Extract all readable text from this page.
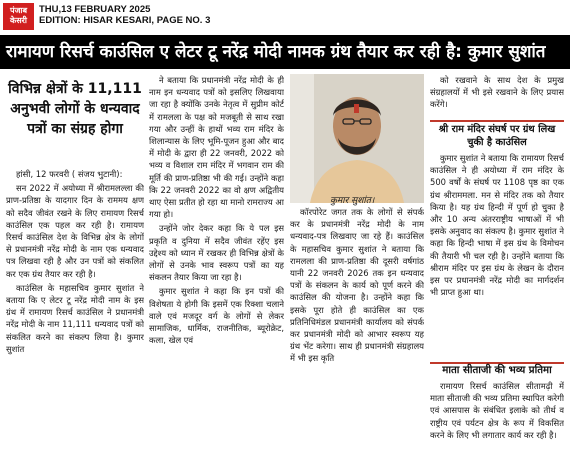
पंजाब
केसरी
THU,13 FEBRUARY 2025
EDITION: HISAR KESARI, PAGE NO. 3
रामायण रिसर्च काउंसिल ए लेटर टू नरेंद्र मोदी नामक ग्रंथ तैयार कर रही है: कुमार सुशांत
विभिन्न क्षेत्रों के 11,111 अनुभवी लोगों के धन्यवाद पत्रों का संग्रह होगा

हांसी, 12 फरवरी ( संजय भुटानी):

सन 2022 में अयोध्या में श्रीरामलल्ला की प्राण-प्रतिष्ठा के यादगार दिन के राममय क्षण को सदैव जीवंत रखने के लिए रामायण रिसर्च काउंसिल एक पहल कर रही है। रामायण रिसर्च काउंसिल देश के विभिन्न क्षेत्र के लोगों से प्रधानमंत्री नरेंद्र मोदी के नाम एक धन्यवाद पत्र लिखवा रही है और उन पत्रों को संकलित कर एक ग्रंथ तैयार कर रही है।

काउंसिल के महासचिव कुमार सुशांत ने बताया कि ए लेटर टू नरेंद्र मोदी नाम के इस ग्रंथ में रामायण रिसर्च काउंसिल ने प्रधानमंत्री नरेंद्र मोदी के नाम 11,111 धन्यवाद पत्रों को संकलित करने का संकल्प लिया है। कुमार सुशांत

ने बताया कि प्रधानमंत्री नरेंद्र मोदी के ही नाम इन धन्यवाद पत्रों को इसलिए लिखवाया जा रहा है क्योंकि उनके नेतृत्व में सुप्रीम कोर्ट में रामलला के पक्ष को मजबूती से साथ रखा गया और उन्हीं के हाथों भव्य राम मंदिर के शिलान्यास के लिए भूमि-पूजन हुआ और बाद में मोदी के द्वारा ही 22 जनवरी, 2022 को भव्य व विशाल राम मंदिर में भगवान राम की मूर्ति की प्राण-प्रतिष्ठा भी की गई। उन्होंने कहा कि 22 जनवरी 2022 का वो क्षण अद्वितीय थाए ऐसा प्रतीत हो रहा था मानो रामराज्य आ गया हो।

उन्होंने जोर देकर कहा कि ये पल इस प्रकृति व दुनिया में सदैव जीवंत रहेंए इस उद्देश्य को ध्यान में रखकर ही विभिन्न क्षेत्रों के लोगों से उनके भाव स्वरूप पत्रों का यह संकलन तैयार किया जा रहा है।

कुमार सुशांत ने कहा कि इन पत्रों की विशेषता ये होगी कि इसमें एक रिक्शा चलाने वाले एवं मजदूर वर्ग के लोगों से लेकर सामाजिक, धार्मिक, राजनीतिक, ब्यूरोक्रेट, कला, खेल एवं

कुमार सुशांत।

कॉरपोरेट जगत तक के लोगों से संपर्क कर के प्रधानमंत्री नरेंद्र मोदी के नाम धन्यवाद-पत्र लिखवाए जा रहे हैं। काउंसिल के महासचिव कुमार सुशांत ने बताया कि रामलला की प्राण-प्रतिष्ठा की दूसरी वर्षगांठ यानी 22 जनवरी 2026 तक इन धन्यवाद पत्रों के संकलन के कार्य को पूर्ण करने की काउंसिल की योजना है। उन्होंने कहा कि इसके पूरा होते ही काउंसिल का एक प्रतिनिधिमंडल प्रधानमंत्री कार्यालय को संपर्क कर प्रधानमंत्री मोदी को आभार स्वरूप यह ग्रंथ भेंट करेगा। साथ ही प्रधानमंत्री संग्रहालय में भी इस कृति

को रखवाने के साथ देश के प्रमुख संग्रहालयों में भी इसे रखवाने के लिए प्रयास करेंगे।

श्री राम मंदिर संघर्ष पर ग्रंथ लिख चुकी है काउंसिल

कुमार सुशांत ने बताया कि रामायण रिसर्च काउंसिल ने ही अयोध्या में राम मंदिर के 500 वर्षों के संघर्ष पर 1108 पृष्ठ का एक ग्रंथ श्रीराममला. मन से मंदिर तक को तैयार किया है। यह ग्रंथ हिन्दी में पूर्ण हो चुका है और 10 अन्य अंतरराष्ट्रीय भाषाओं में भी इसके अनुवाद का संकल्प है। कुमार सुशांत ने कहा कि हिन्दी भाषा में इस ग्रंथ के विमोचन की तैयारी भी चल रही है। उन्होंने बताया कि श्रीराम मंदिर पर इस ग्रंथ के लेखन के दौरान इस पर प्रधानमंत्री नरेंद्र मोदी का मार्गदर्शन भी प्राप्त हुआ था।

माता सीताजी की भव्य प्रतिमा

रामायण रिसर्च काउंसिल सीतामढ़ी में माता सीताजी की भव्य प्रतिमा स्थापित करेगी एवं आसपास के संबंधित इलाके को तीर्थ व राष्ट्रीय एवं पर्यटन क्षेत्र के रूप में विकसित करने के लिए भी लगातार कार्य कर रही है।
